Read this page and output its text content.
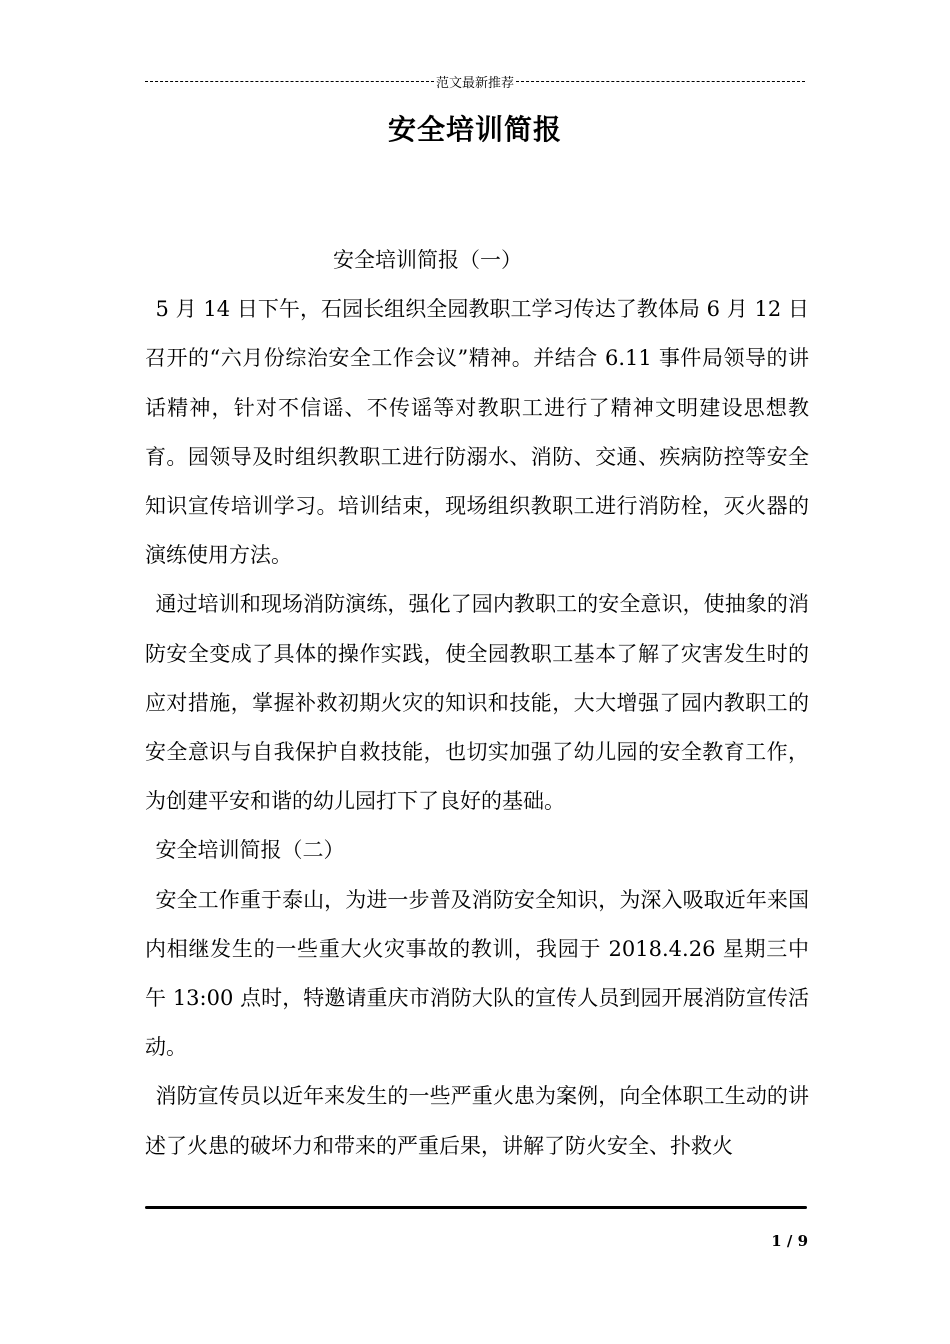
范文最新推荐
安全培训简报

安全培训简报（一）

5 月 14 日下午，石园长组织全园教职工学习传达了教体局 6 月 12 日召开的“六月份综治安全工作会议”精神。并结合 6.11 事件局领导的讲话精神，针对不信谣、不传谣等对教职工进行了精神文明建设思想教育。园领导及时组织教职工进行防溺水、消防、交通、疾病防控等安全知识宣传培训学习。培训结束，现场组织教职工进行消防栓，灭火器的演练使用方法。

通过培训和现场消防演练，强化了园内教职工的安全意识，使抽象的消防安全变成了具体的操作实践，使全园教职工基本了解了灾害发生时的应对措施，掌握补救初期火灾的知识和技能，大大增强了园内教职工的安全意识与自我保护自救技能，也切实加强了幼儿园的安全教育工作，为创建平安和谐的幼儿园打下了良好的基础。

安全培训简报（二）

安全工作重于泰山，为进一步普及消防安全知识，为深入吸取近年来国内相继发生的一些重大火灾事故的教训，我园于 2018.4.26 星期三中午 13:00 点时，特邀请重庆市消防大队的宣传人员到园开展消防宣传活动。

消防宣传员以近年来发生的一些严重火患为案例，向全体职工生动的讲述了火患的破坏力和带来的严重后果，讲解了防火安全、扑救火

1 / 9
